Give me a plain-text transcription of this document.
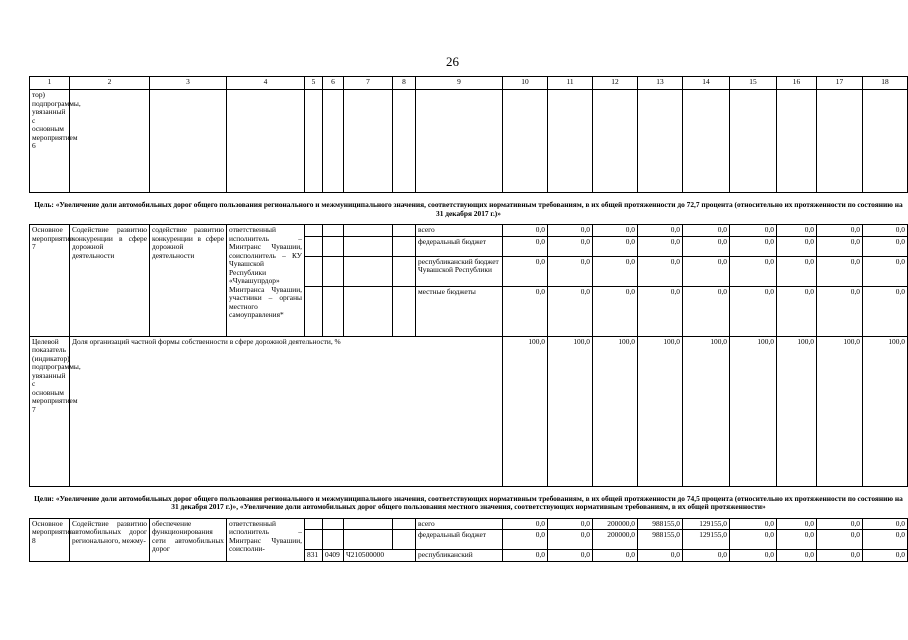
26
1	2	3	4	5	6	7	8	9	10	11	12	13	14	15	16	17	18
тор) подпрограммы, увязанный с основным мероприятием 6																	
Цель: «Увеличение доли автомобильных дорог общего пользования регионального и межмуниципального значения, соответствующих нормативным требованиям, в их общей протяженности до 72,7 процента (относительно их протяженности по состоянию на 31 декабря 2017 г.)»																	
Основное мероприятие 7	Содействие развитию конкуренции в сфере дорожной деятельности	содействие развитию конкуренции в сфере дорожной деятельности	ответственный исполнитель – Минтранс Чувашии, соисполнитель – КУ Чувашской Республики «Чувашупрдор» Минтранса Чувашии, участники – органы местного самоуправления*					всего	0,0	0,0	0,0	0,0	0,0	0,0	0,0	0,0	0,0
								федеральный бюджет	0,0	0,0	0,0	0,0	0,0	0,0	0,0	0,0	0,0
								республиканский бюджет Чувашской Республики	0,0	0,0	0,0	0,0	0,0	0,0	0,0	0,0	0,0
								местные бюджеты	0,0	0,0	0,0	0,0	0,0	0,0	0,0	0,0	0,0
Целевой показатель (индикатор) подпрограммы, увязанный с основным мероприятием 7	Доля организаций частной формы собственности в сфере дорожной деятельности, %								100,0	100,0	100,0	100,0	100,0	100,0	100,0	100,0	100,0
Цели: «Увеличение доли автомобильных дорог общего пользования регионального и межмуниципального значения, соответствующих нормативным требованиям, в их общей протяженности до 74,5 процента (относительно их протяженности по состоянию на 31 декабря 2017 г.)», «Увеличение доли автомобильных дорог общего пользования местного значения, соответствующих нормативным требованиям, в их общей протяженности»																	
Основное мероприятие 8	Содействие развитию автомобильных дорог регионального, межму-	обеспечение функционирования сети автомобильных дорог	ответственный исполнитель – Минтранс Чувашии, соисполни-					всего	0,0	0,0	200000,0	988155,0	129155,0	0,0	0,0	0,0	0,0
								федеральный бюджет	0,0	0,0	200000,0	988155,0	129155,0	0,0	0,0	0,0	0,0
				831	0409	Ч210500000		республиканский	0,0	0,0	0,0	0,0	0,0	0,0	0,0	0,0	0,0
